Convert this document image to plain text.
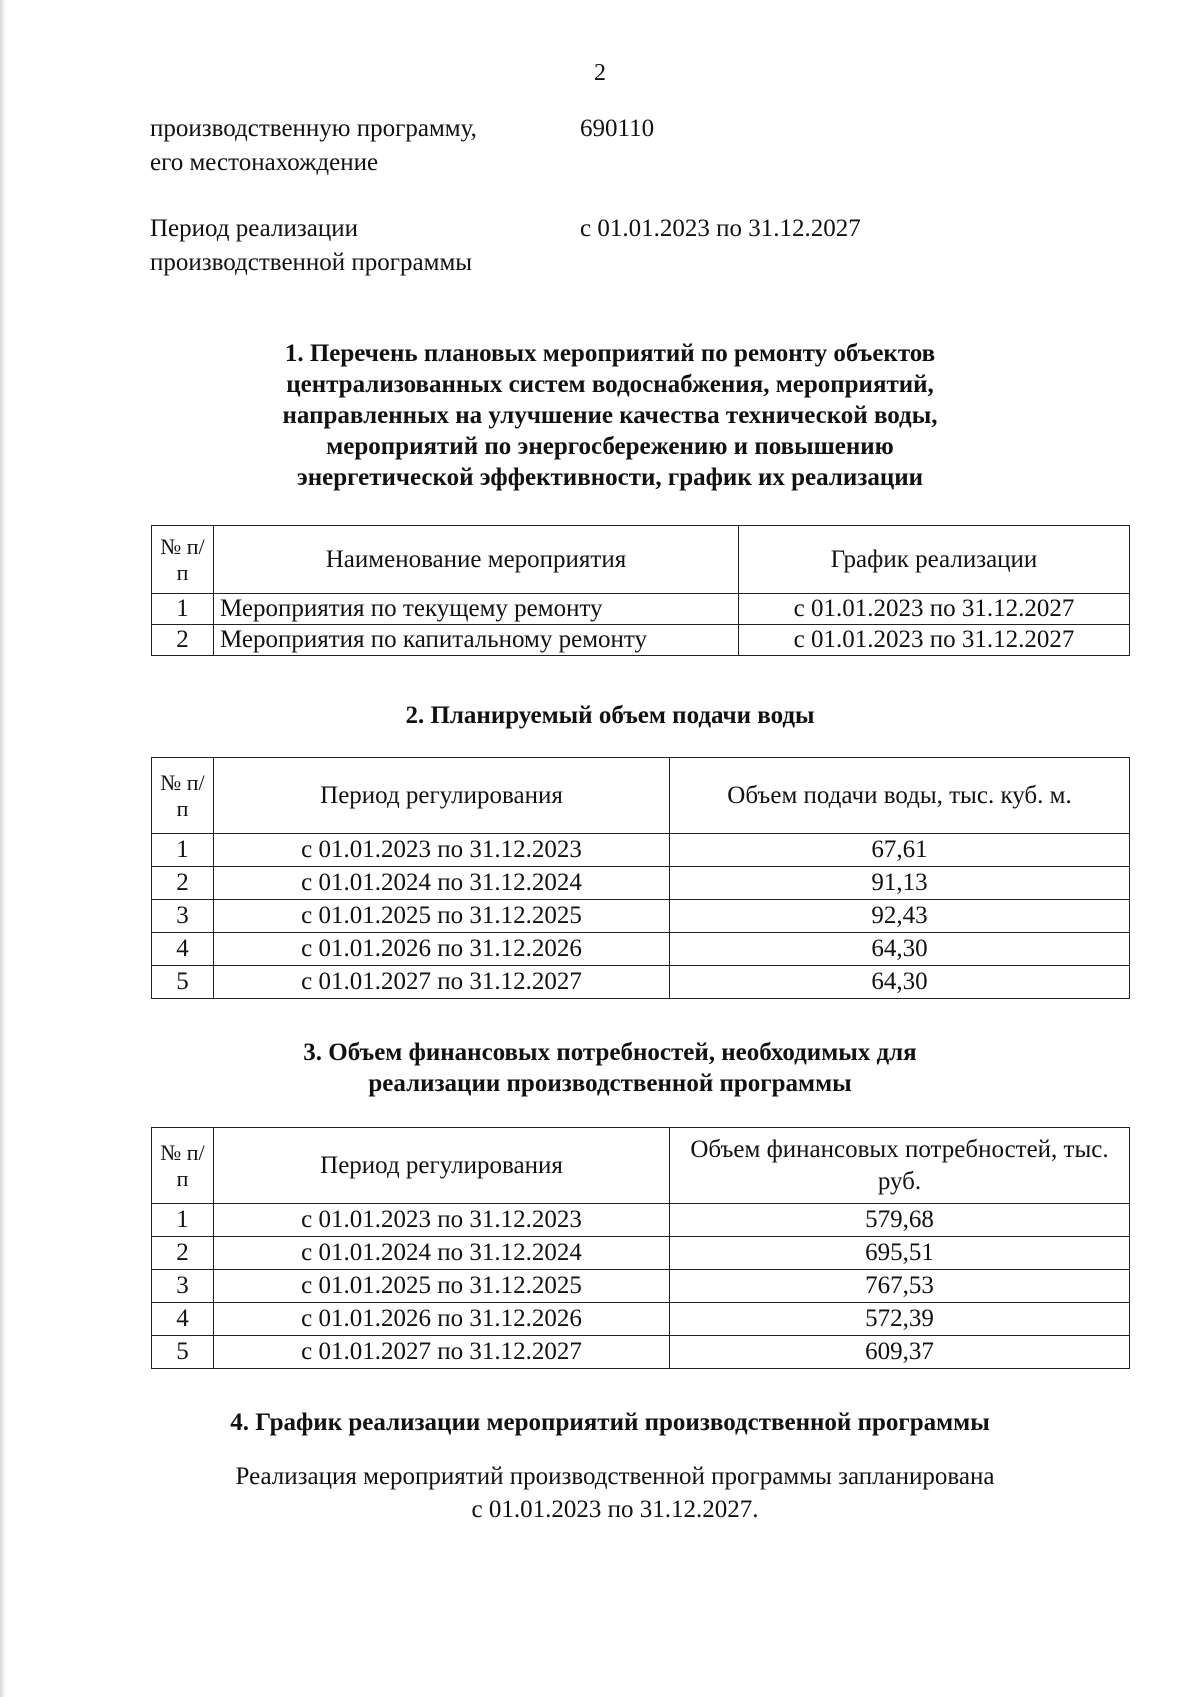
2
производственную программу,
его местонахождение
690110
Период реализации
производственной программы
с 01.01.2023 по 31.12.2027
1. Перечень плановых мероприятий по ремонту объектов
централизованных систем водоснабжения, мероприятий,
направленных на улучшение качества технической воды,
мероприятий по энергосбережению и повышению
энергетической эффективности, график их реализации
№ п/п	Наименование мероприятия	График реализации
1	Мероприятия по текущему ремонту	с 01.01.2023 по 31.12.2027
2	Мероприятия по капитальному ремонту	с 01.01.2023 по 31.12.2027
2. Планируемый объем подачи воды
№ п/п	Период регулирования	Объем подачи воды, тыс. куб. м.
1	с 01.01.2023 по 31.12.2023	67,61
2	с 01.01.2024 по 31.12.2024	91,13
3	с 01.01.2025 по 31.12.2025	92,43
4	с 01.01.2026 по 31.12.2026	64,30
5	с 01.01.2027 по 31.12.2027	64,30
3. Объем финансовых потребностей, необходимых для
реализации производственной программы
№ п/п	Период регулирования	Объем финансовых потребностей, тыс. руб.
1	с 01.01.2023 по 31.12.2023	579,68
2	с 01.01.2024 по 31.12.2024	695,51
3	с 01.01.2025 по 31.12.2025	767,53
4	с 01.01.2026 по 31.12.2026	572,39
5	с 01.01.2027 по 31.12.2027	609,37
4. График реализации мероприятий производственной программы
Реализация мероприятий производственной программы запланирована
с 01.01.2023 по 31.12.2027.
